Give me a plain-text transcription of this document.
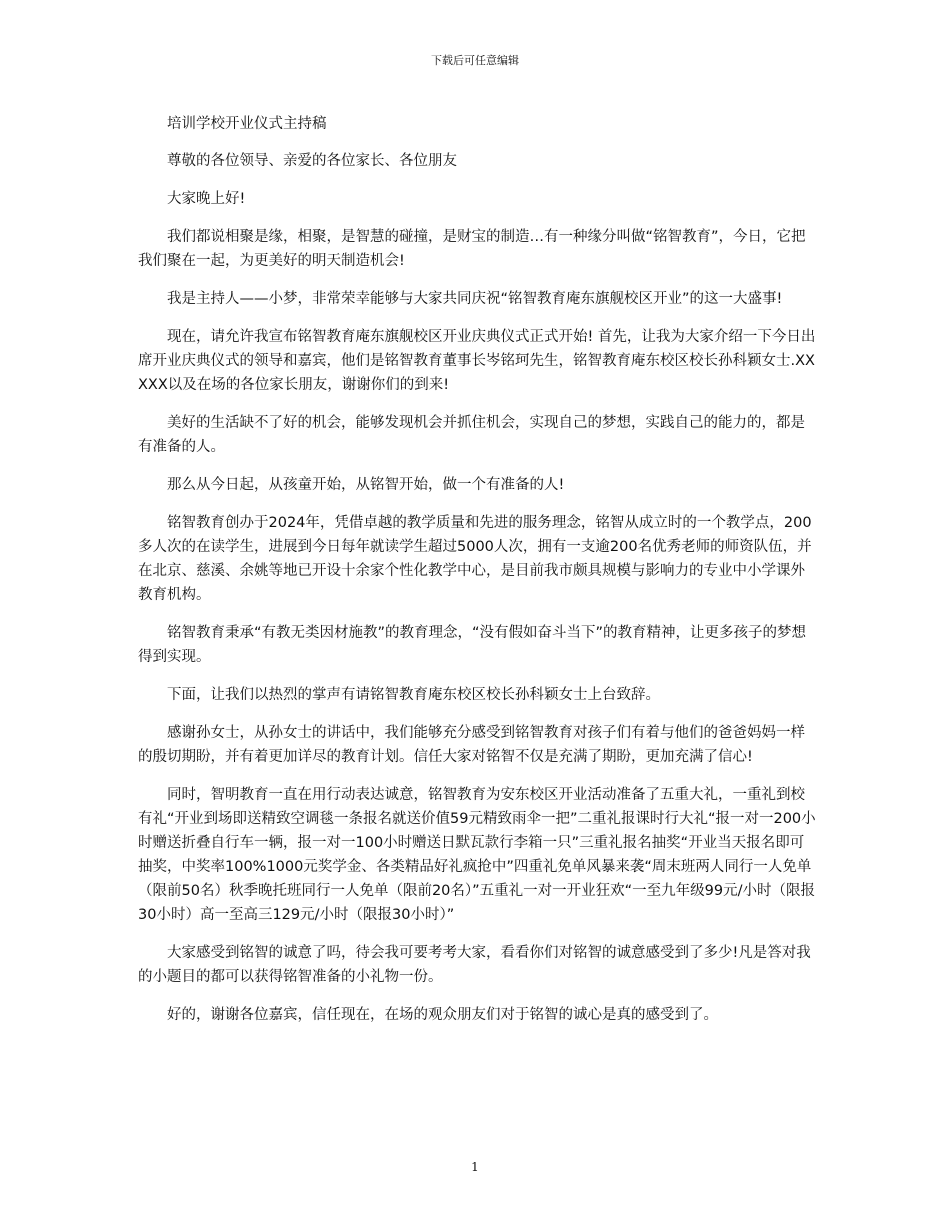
下载后可任意编辑

培训学校开业仪式主持稿

尊敬的各位领导、亲爱的各位家长、各位朋友

大家晚上好!

我们都说相聚是缘，相聚，是智慧的碰撞，是财宝的制造…有一种缘分叫做“铭智教育”，今日，它把我们聚在一起，为更美好的明天制造机会!

我是主持人——小梦，非常荣幸能够与大家共同庆祝“铭智教育庵东旗舰校区开业”的这一大盛事!

现在，请允许我宣布铭智教育庵东旗舰校区开业庆典仪式正式开始! 首先，让我为大家介绍一下今日出席开业庆典仪式的领导和嘉宾，他们是铭智教育董事长岑铭珂先生，铭智教育庵东校区校长孙科颖女士.XXXXX以及在场的各位家长朋友，谢谢你们的到来!

美好的生活缺不了好的机会，能够发现机会并抓住机会，实现自己的梦想，实践自己的能力的，都是有准备的人。

那么从今日起，从孩童开始，从铭智开始，做一个有准备的人!

铭智教育创办于2024年，凭借卓越的教学质量和先进的服务理念，铭智从成立时的一个教学点，200多人次的在读学生，进展到今日每年就读学生超过5000人次，拥有一支逾200名优秀老师的师资队伍，并在北京、慈溪、余姚等地已开设十余家个性化教学中心，是目前我市颇具规模与影响力的专业中小学课外教育机构。

铭智教育秉承“有教无类因材施教”的教育理念，“没有假如奋斗当下”的教育精神，让更多孩子的梦想得到实现。

下面，让我们以热烈的掌声有请铭智教育庵东校区校长孙科颖女士上台致辞。

感谢孙女士，从孙女士的讲话中，我们能够充分感受到铭智教育对孩子们有着与他们的爸爸妈妈一样的殷切期盼，并有着更加详尽的教育计划。信任大家对铭智不仅是充满了期盼，更加充满了信心!

同时，智明教育一直在用行动表达诚意，铭智教育为安东校区开业活动准备了五重大礼，一重礼到校有礼“开业到场即送精致空调毯一条报名就送价值59元精致雨伞一把”二重礼报课时行大礼“报一对一200小时赠送折叠自行车一辆，报一对一100小时赠送日默瓦款行李箱一只”三重礼报名抽奖“开业当天报名即可抽奖，中奖率100%1000元奖学金、各类精品好礼疯抢中”四重礼免单风暴来袭“周末班两人同行一人免单（限前50名）秋季晚托班同行一人免单（限前20名）”五重礼一对一开业狂欢“一至九年级99元/小时（限报30小时）高一至高三129元/小时（限报30小时）”

大家感受到铭智的诚意了吗，待会我可要考考大家，看看你们对铭智的诚意感受到了多少!凡是答对我的小题目的都可以获得铭智准备的小礼物一份。

好的，谢谢各位嘉宾，信任现在，在场的观众朋友们对于铭智的诚心是真的感受到了。

1
